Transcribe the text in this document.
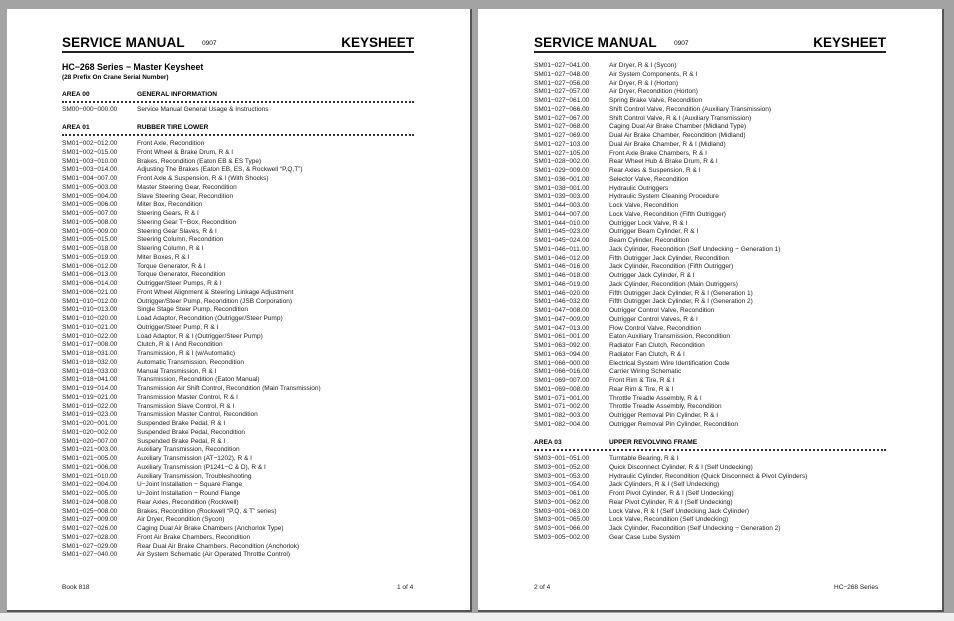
SERVICE MANUAL	0907	KEYSHEET
HC−268 Series − Master Keysheet
(28 Prefix On Crane Serial Number)
AREA 00	GENERAL INFORMATION
SM00−000−000.00	Service Manual General Usage & Instructions
AREA 01	RUBBER TIRE LOWER
SM01−002−012.00	Front Axle, Recondition
SM01−002−015.00	Front Wheel & Brake Drum, R & I
SM01−003−010.00	Brakes, Recondition (Eaton EB & ES Type)
SM01−003−014.00	Adjusting The Brakes (Eaton EB, ES, & Rockwell “P,Q,T”)
SM01−004−007.00	Front Axle & Suspension, R & I (With Shocks)
SM01−005−003.00	Master Steering Gear, Recondition
SM01−005−004.00	Slave Steering Gear, Recondition
SM01−005−006.00	Miter Box, Recondition
SM01−005−007.00	Steering Gears, R & I
SM01−005−008.00	Steering Gear T−Box, Recondition
SM01−005−009.00	Steering Gear Slaves, R & I
SM01−005−015.00	Steering Column, Recondition
SM01−005−018.00	Steering Column, R & I
SM01−005−019.00	Miter Boxes, R & I
SM01−006−012.00	Torque Generator, R & I
SM01−006−013.00	Torque Generator, Recondition
SM01−006−014.00	Outrigger/Steer Pumps, R & I
SM01−006−021.00	Front Wheel Alignment & Steering Linkage Adjustment
SM01−010−012.00	Outrigger/Steer Pump, Recondition (JSB Corporation)
SM01−010−013.00	Single Stage Steer Pump, Recondition
SM01−010−020.00	Load Adaptor, Recondition (Outrigger/Steer Pump)
SM01−010−021.00	Outrigger/Steer Pump, R & I
SM01−010−022.00	Load Adaptor, R & I (Outrigger/Steer Pump)
SM01−017−008.00	Clutch, R & I And Recondition
SM01−018−031.00	Transmission, R & I (w/Automatic)
SM01−018−032.00	Automatic Transmission, Recondition
SM01−018−033.00	Manual Transmission, R & I
SM01−018−041.00	Transmission, Recondition (Eaton Manual)
SM01−019−014.00	Transmission Air Shift Control, Recondition (Main Transmission)
SM01−019−021.00	Transmission Master Control, R & I
SM01−019−022.00	Transmission Slave Control, R & I
SM01−019−023.00	Transmission Master Control, Recondition
SM01−020−001.00	Suspended Brake Pedal, R & I
SM01−020−002.00	Suspended Brake Pedal, Recondition
SM01−020−007.00	Suspended Brake Pedal, R & I
SM01−021−003.00	Auxiliary Transmission, Recondition
SM01−021−005.00	Auxiliary Transmission (AT−1202), R & I
SM01−021−006.00	Auxiliary Transmission (P1241−C & D), R & I
SM01−021−010.00	Auxiliary Transmission, Troubleshooting
SM01−022−004.00	U−Joint Installation − Square Flange
SM01−022−005.00	U−Joint Installation − Round Flange
SM01−024−008.00	Rear Axles, Recondition (Rockwell)
SM01−025−008.00	Brakes, Recondition (Rockwell “P,Q, & T” series)
SM01−027−009.00	Air Dryer, Recondition (Sycon)
SM01−027−026.00	Caging Dual Air Brake Chambers (Anchorlok Type)
SM01−027−028.00	Front Air Brake Chambers, Recondition
SM01−027−029.00	Rear Dual Air Brake Chambers, Recondition (Anchorlok)
SM01−027−040.00	Air System Schematic (Air Operated Throttle Control)
Book 818	1 of 4
SERVICE MANUAL	0907	KEYSHEET
SM01−027−041.00	Air Dryer, R & I (Sycon)
SM01−027−048.00	Air System Components, R & I
SM01−027−056.00	Air Dryer, R & I (Horton)
SM01−027−057.00	Air Dryer, Recondition (Horton)
SM01−027−061.00	Spring Brake Valve, Recondition
SM01−027−066.00	Shift Control Valve, Recondition (Auxiliary Transmission)
SM01−027−067.00	Shift Control Valve, R & I (Auxiliary Transmission)
SM01−027−068.00	Caging Dual Air Brake Chamber (Midland Type)
SM01−027−069.00	Dual Air Brake Chamber, Recondition (Midland)
SM01−027−103.00	Dual Air Brake Chamber, R & I (Midland)
SM01−027−105.00	Front Axle Brake Chambers, R & I
SM01−028−002.00	Rear Wheel Hub & Brake Drum, R & I
SM01−029−009.00	Rear Axles & Suspension, R & I
SM01−036−001.00	Selector Valve, Recondition
SM01−038−001.00	Hydraulic Outriggers
SM01−039−003.00	Hydraulic System Cleaning Procedure
SM01−044−003.00	Lock Valve, Recondition
SM01−044−007.00	Lock Valve, Recondition (Fifth Outrigger)
SM01−044−010.00	Outrigger Lock Valve, R & I
SM01−045−023.00	Outrigger Beam Cylinder, R & I
SM01−045−024.00	Beam Cylinder, Recondition
SM01−046−011.00	Jack Cylinder, Recondition (Self Undecking − Generation 1)
SM01−046−012.00	Fifth Outrigger Jack Cylinder, Recondition
SM01−046−016.00	Jack Cylinder, Recondition (Fifth Outrigger)
SM01−046−018.00	Outrigger Jack Cylinder, R & I
SM01−046−019.00	Jack Cylinder, Recondition (Main Outriggers)
SM01−046−020.00	Fifth Outrigger Jack Cylinder, R & I (Generation 1)
SM01−046−032.00	Fifth Outrigger Jack Cylinder, R & I (Generation 2)
SM01−047−008.00	Outrigger Control Valve, Recondition
SM01−047−009.00	Outrigger Control Valves, R & I
SM01−047−013.00	Flow Control Valve, Recondition
SM01−061−001.00	Eaton Auxiliary Transmission, Recondition
SM01−063−092.00	Radiator Fan Clutch, Recondition
SM01−063−094.00	Radiator Fan Clutch, R & I
SM01−066−000.00	Electrical System Wire Identification Code
SM01−066−016.00	Carrier Wiring Schematic
SM01−069−007.00	Front Rim & Tire, R & I
SM01−069−008.00	Rear Rim & Tire, R & I
SM01−071−001.00	Throttle Treadle Assembly, R & I
SM01−071−002.00	Throttle Treadle Assembly, Recondition
SM01−082−003.00	Outrigger Removal Pin Cylinder, R & I
SM01−082−004.00	Outrigger Removal Pin Cylinder, Recondition
AREA 03	UPPER REVOLVING FRAME
SM03−001−051.00	Turntable Bearing, R & I
SM03−001−052.00	Quick Disconnect Cylinder, R & I (Self Undecking)
SM03−001−053.00	Hydraulic Cylinder, Recondition (Quick Disconnect & Pivot Cylinders)
SM03−001−054.00	Jack Cylinders, R & I (Self Undecking)
SM03−001−061.00	Front Pivot Cylinder, R & I (Self Undecking)
SM03−001−062.00	Rear Pivot Cylinder, R & I (Self Undecking)
SM03−001−063.00	Lock Valve, R & I (Self Undecking Jack Cylinder)
SM03−001−065.00	Lock Valve, Recondition (Self Undecking)
SM03−001−066.00	Jack Cylinder, Recondition (Self Undecking − Generation 2)
SM03−005−002.00	Gear Case Lube System
2 of 4	HC−268 Series
